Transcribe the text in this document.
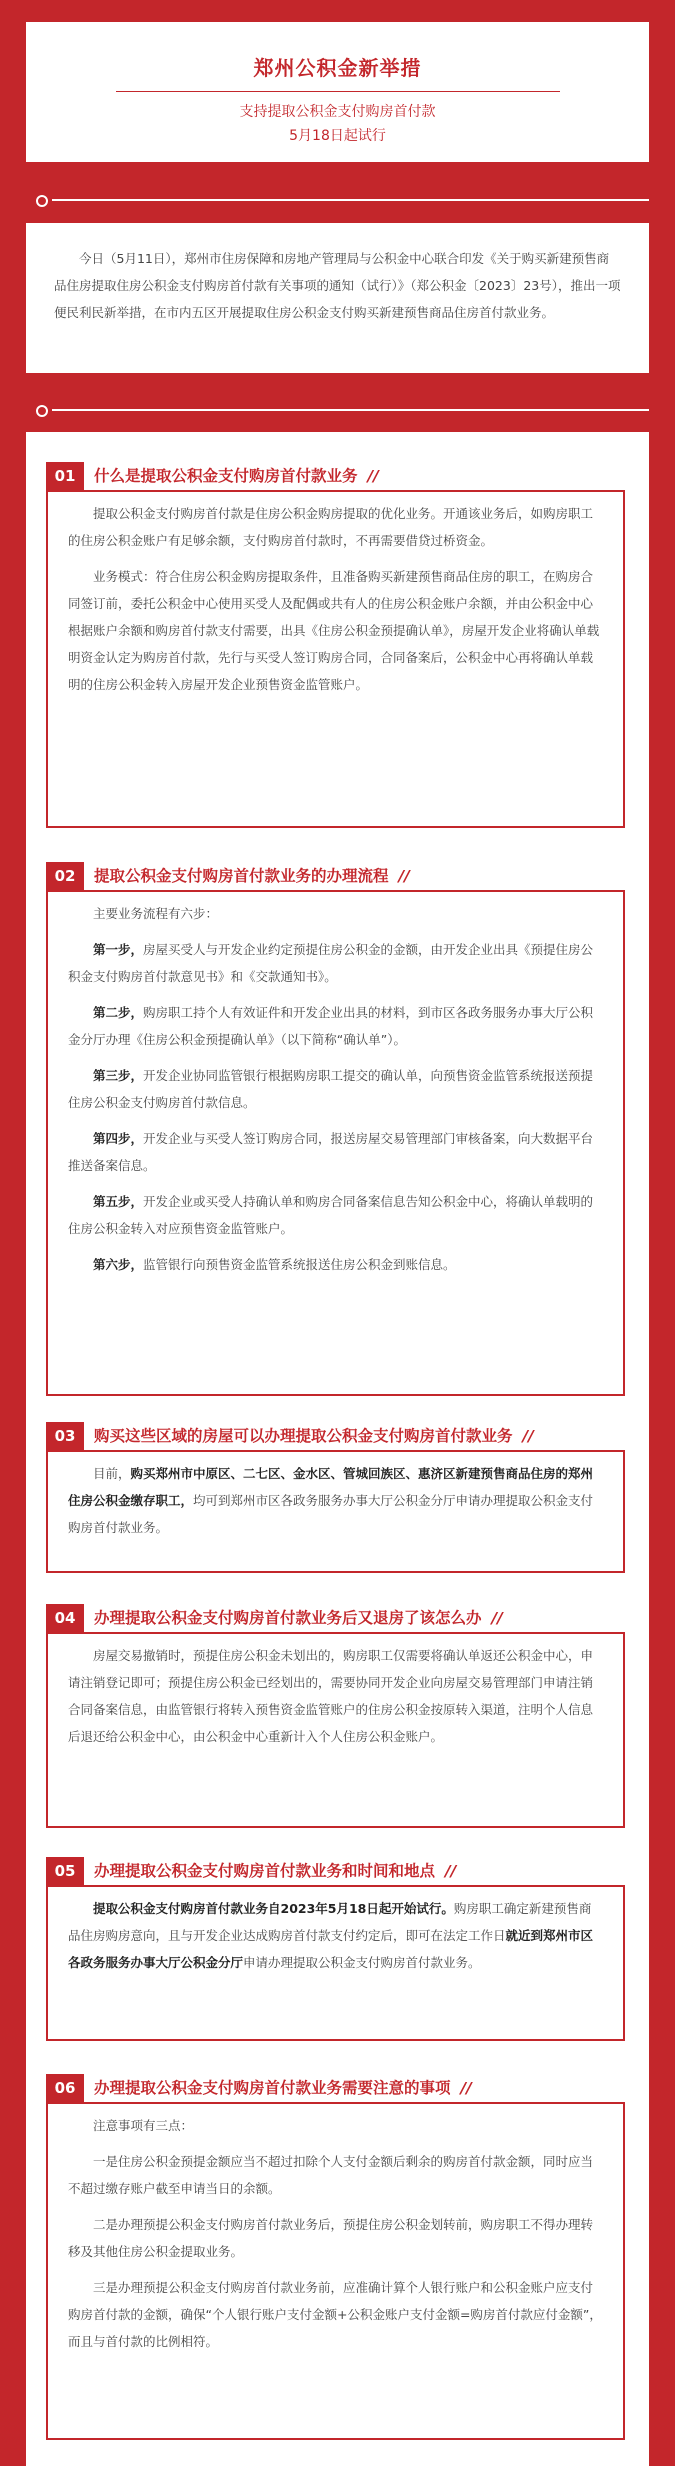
郑州公积金新举措
支持提取公积金支付购房首付款
5月18日起试行

今日（5月11日），郑州市住房保障和房地产管理局与公积金中心联合印发《关于购买新建预售商品住房提取住房公积金支付购房首付款有关事项的通知（试行）》（郑公积金〔2023〕23号），推出一项便民利民新举措，在市内五区开展提取住房公积金支付购买新建预售商品住房首付款业务。

01	什么是提取公积金支付购房首付款业务 //

提取公积金支付购房首付款是住房公积金购房提取的优化业务。开通该业务后，如购房职工的住房公积金账户有足够余额，支付购房首付款时，不再需要借贷过桥资金。

业务模式：符合住房公积金购房提取条件，且准备购买新建预售商品住房的职工，在购房合同签订前，委托公积金中心使用买受人及配偶或共有人的住房公积金账户余额，并由公积金中心根据账户余额和购房首付款支付需要，出具《住房公积金预提确认单》，房屋开发企业将确认单载明资金认定为购房首付款，先行与买受人签订购房合同，合同备案后，公积金中心再将确认单载明的住房公积金转入房屋开发企业预售资金监管账户。

02	提取公积金支付购房首付款业务的办理流程 //

主要业务流程有六步：

第一步，房屋买受人与开发企业约定预提住房公积金的金额，由开发企业出具《预提住房公积金支付购房首付款意见书》和《交款通知书》。

第二步，购房职工持个人有效证件和开发企业出具的材料，到市区各政务服务办事大厅公积金分厅办理《住房公积金预提确认单》（以下简称“确认单”）。

第三步，开发企业协同监管银行根据购房职工提交的确认单，向预售资金监管系统报送预提住房公积金支付购房首付款信息。

第四步，开发企业与买受人签订购房合同，报送房屋交易管理部门审核备案，向大数据平台推送备案信息。

第五步，开发企业或买受人持确认单和购房合同备案信息告知公积金中心，将确认单载明的住房公积金转入对应预售资金监管账户。

第六步，监管银行向预售资金监管系统报送住房公积金到账信息。

03	购买这些区域的房屋可以办理提取公积金支付购房首付款业务 //

目前，购买郑州市中原区、二七区、金水区、管城回族区、惠济区新建预售商品住房的郑州住房公积金缴存职工，均可到郑州市区各政务服务办事大厅公积金分厅申请办理提取公积金支付购房首付款业务。

04	办理提取公积金支付购房首付款业务后又退房了该怎么办 //

房屋交易撤销时，预提住房公积金未划出的，购房职工仅需要将确认单返还公积金中心，申请注销登记即可；预提住房公积金已经划出的，需要协同开发企业向房屋交易管理部门申请注销合同备案信息，由监管银行将转入预售资金监管账户的住房公积金按原转入渠道，注明个人信息后退还给公积金中心，由公积金中心重新计入个人住房公积金账户。

05	办理提取公积金支付购房首付款业务和时间和地点 //

提取公积金支付购房首付款业务自2023年5月18日起开始试行。购房职工确定新建预售商品住房购房意向，且与开发企业达成购房首付款支付约定后，即可在法定工作日就近到郑州市区各政务服务办事大厅公积金分厅申请办理提取公积金支付购房首付款业务。

06	办理提取公积金支付购房首付款业务需要注意的事项 //

注意事项有三点：

一是住房公积金预提金额应当不超过扣除个人支付金额后剩余的购房首付款金额，同时应当不超过缴存账户截至申请当日的余额。

二是办理预提公积金支付购房首付款业务后，预提住房公积金划转前，购房职工不得办理转移及其他住房公积金提取业务。

三是办理预提公积金支付购房首付款业务前，应准确计算个人银行账户和公积金账户应支付购房首付款的金额，确保“个人银行账户支付金额+公积金账户支付金额=购房首付款应付金额”，而且与首付款的比例相符。
